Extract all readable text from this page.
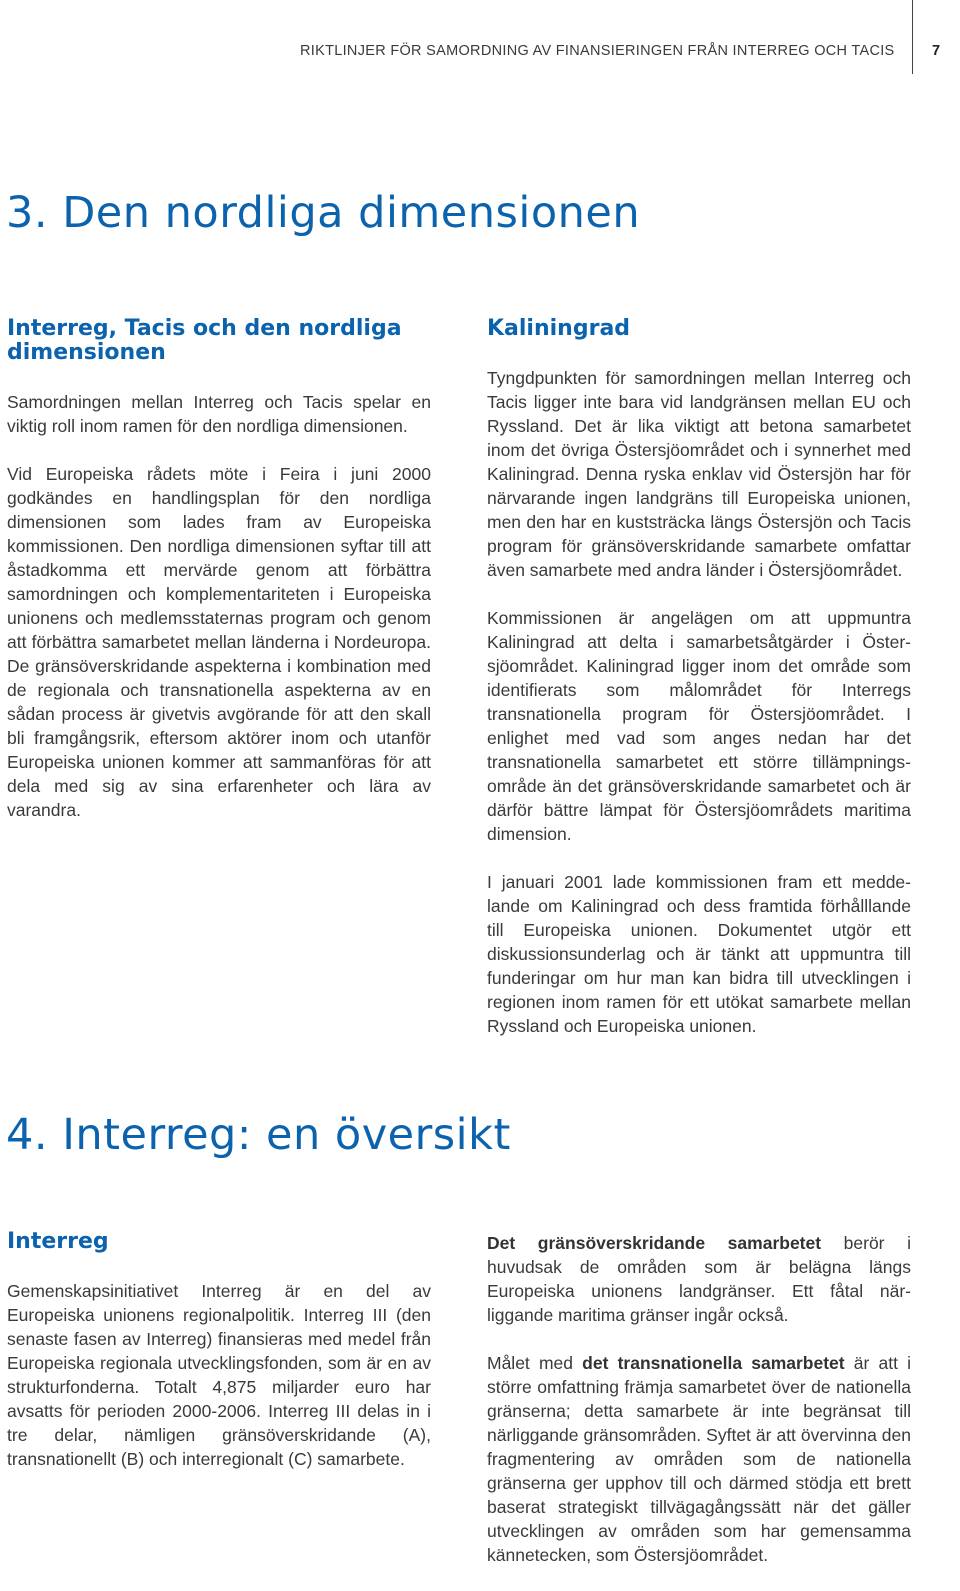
RIKTLINJER FÖR SAMORDNING AV FINANSIERINGEN FRÅN INTERREG OCH TACIS	7
3. Den nordliga dimensionen
Interreg, Tacis och den nordliga dimensionen

Samordningen mellan Interreg och Tacis spelar en viktig roll inom ramen för den nordliga dimensionen.

Vid Europeiska rådets möte i Feira i juni 2000 godkändes en handlingsplan för den nordliga dimensionen som lades fram av Europeiska kommissionen. Den nordliga dimensionen syftar till att åstadkomma ett mervärde genom att förbättra samordningen och komplementariteten i Europeiska unionens och medlemsstaternas program och genom att förbättra samarbetet mellan länderna i Nordeuropa. De gränsöverskridande aspekterna i kombination med de regionala och transnationella aspekterna av en sådan process är givetvis avgörande för att den skall bli framgångsrik, eftersom aktörer inom och utanför Europeiska unionen kommer att sammanföras för att dela med sig av sina erfarenheter och lära av varandra.

Kaliningrad

Tyngdpunkten för samordningen mellan Interreg och Tacis ligger inte bara vid landgränsen mellan EU och Ryssland. Det är lika viktigt att betona samarbetet inom det övriga Östersjöområdet och i synnerhet med Kaliningrad. Denna ryska enklav vid Östersjön har för närvarande ingen landgräns till Europeiska unionen, men den har en kuststräcka längs Östersjön och Tacis program för gränsöverskridande samarbete omfattar även samarbete med andra länder i Östersjöområdet.

Kommissionen är angelägen om att uppmuntra Kaliningrad att delta i samarbetsåtgärder i Östersjöområdet. Kaliningrad ligger inom det område som identifierats som målområdet för Interregs transnationella program för Östersjöområdet. I enlighet med vad som anges nedan har det transnationella samarbetet ett större tillämpningsområde än det gränsöverskridande samarbetet och är därför bättre lämpat för Östersjöområdets maritima dimension.

I januari 2001 lade kommissionen fram ett meddelande om Kaliningrad och dess framtida förhålllande till Europeiska unionen. Dokumentet utgör ett diskussionsunderlag och är tänkt att uppmuntra till funderingar om hur man kan bidra till utvecklingen i regionen inom ramen för ett utökat samarbete mellan Ryssland och Europeiska unionen.

4. Interreg: en översikt
Interreg

Gemenskapsinitiativet Interreg är en del av Europeiska unionens regionalpolitik. Interreg III (den senaste fasen av Interreg) finansieras med medel från Europeiska regionala utvecklingsfonden, som är en av strukturfonderna. Totalt 4,875 miljarder euro har avsatts för perioden 2000-2006. Interreg III delas in i tre delar, nämligen gränsöverskridande (A), transnationellt (B) och interregionalt (C) samarbete.

Det gränsöverskridande samarbetet berör i huvudsak de områden som är belägna längs Europeiska unionens landgränser. Ett fåtal närliggande maritima gränser ingår också.

Målet med det transnationella samarbetet är att i större omfattning främja samarbetet över de nationella gränserna; detta samarbete är inte begränsat till närliggande gränsområden. Syftet är att övervinna den fragmentering av områden som de nationella gränserna ger upphov till och därmed stödja ett brett baserat strategiskt tillvägagångssätt när det gäller utvecklingen av områden som har gemensamma kännetecken, som Östersjöområdet.
